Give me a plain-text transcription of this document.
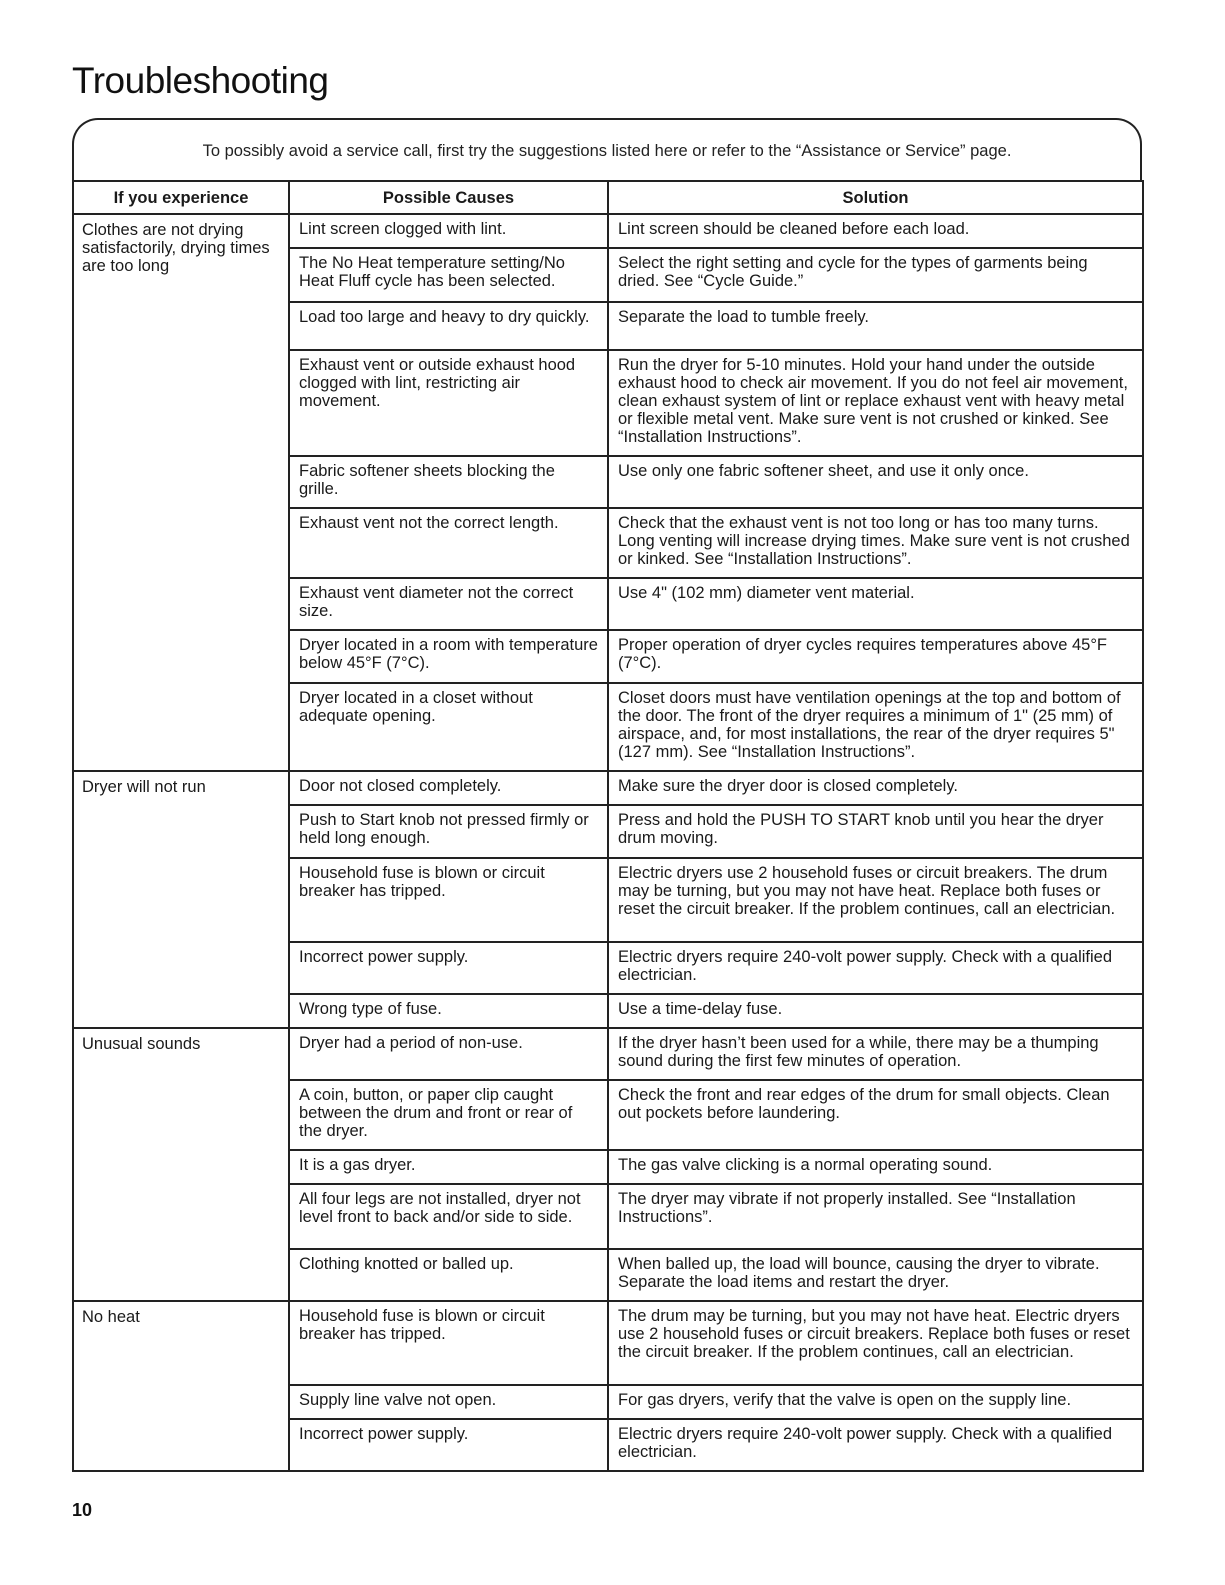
Troubleshooting
To possibly avoid a service call, first try the suggestions listed here or refer to the “Assistance or Service” page.
If you experience	Possible Causes	Solution
Clothes are not drying satisfactorily, drying times are too long	Lint screen clogged with lint.	Lint screen should be cleaned before each load.
	The No Heat temperature setting/No Heat Fluff cycle has been selected.	Select the right setting and cycle for the types of garments being dried. See “Cycle Guide.”
	Load too large and heavy to dry quickly.	Separate the load to tumble freely.
	Exhaust vent or outside exhaust hood clogged with lint, restricting air movement.	Run the dryer for 5-10 minutes. Hold your hand under the outside exhaust hood to check air movement. If you do not feel air movement, clean exhaust system of lint or replace exhaust vent with heavy metal or flexible metal vent. Make sure vent is not crushed or kinked. See “Installation Instructions”.
	Fabric softener sheets blocking the grille.	Use only one fabric softener sheet, and use it only once.
	Exhaust vent not the correct length.	Check that the exhaust vent is not too long or has too many turns. Long venting will increase drying times. Make sure vent is not crushed or kinked. See “Installation Instructions”.
	Exhaust vent diameter not the correct size.	Use 4" (102 mm) diameter vent material.
	Dryer located in a room with temperature below 45°F (7°C).	Proper operation of dryer cycles requires temperatures above 45°F (7°C).
	Dryer located in a closet without adequate opening.	Closet doors must have ventilation openings at the top and bottom of the door. The front of the dryer requires a minimum of 1" (25 mm) of airspace, and, for most installations, the rear of the dryer requires 5" (127 mm). See “Installation Instructions”.
Dryer will not run	Door not closed completely.	Make sure the dryer door is closed completely.
	Push to Start knob not pressed firmly or held long enough.	Press and hold the PUSH TO START knob until you hear the dryer drum moving.
	Household fuse is blown or circuit breaker has tripped.	Electric dryers use 2 household fuses or circuit breakers. The drum may be turning, but you may not have heat. Replace both fuses or reset the circuit breaker. If the problem continues, call an electrician.
	Incorrect power supply.	Electric dryers require 240-volt power supply. Check with a qualified electrician.
	Wrong type of fuse.	Use a time-delay fuse.
Unusual sounds	Dryer had a period of non-use.	If the dryer hasn’t been used for a while, there may be a thumping sound during the first few minutes of operation.
	A coin, button, or paper clip caught between the drum and front or rear of the dryer.	Check the front and rear edges of the drum for small objects. Clean out pockets before laundering.
	It is a gas dryer.	The gas valve clicking is a normal operating sound.
	All four legs are not installed, dryer not level front to back and/or side to side.	The dryer may vibrate if not properly installed. See “Installation Instructions”.
	Clothing knotted or balled up.	When balled up, the load will bounce, causing the dryer to vibrate. Separate the load items and restart the dryer.
No heat	Household fuse is blown or circuit breaker has tripped.	The drum may be turning, but you may not have heat. Electric dryers use 2 household fuses or circuit breakers. Replace both fuses or reset the circuit breaker. If the problem continues, call an electrician.
	Supply line valve not open.	For gas dryers, verify that the valve is open on the supply line.
	Incorrect power supply.	Electric dryers require 240-volt power supply. Check with a qualified electrician.
10
